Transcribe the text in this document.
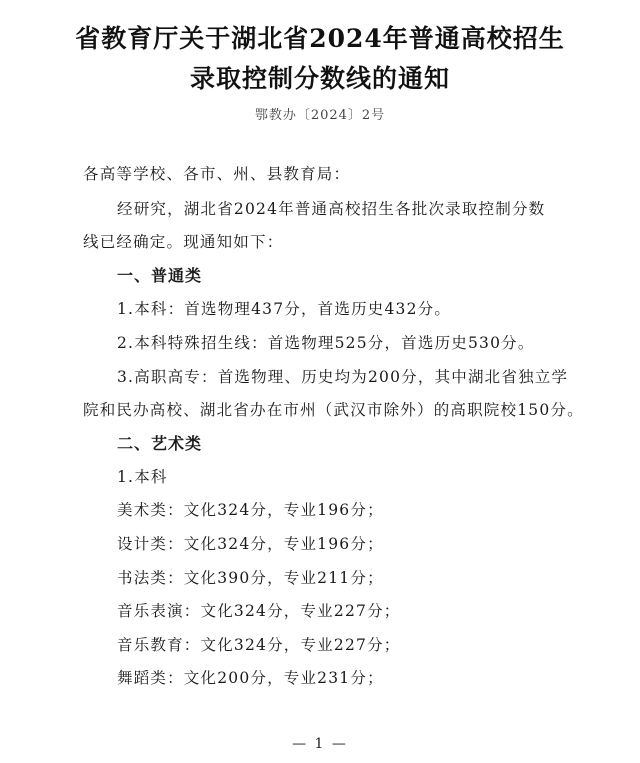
省教育厅关于湖北省2024年普通高校招生
录取控制分数线的通知
鄂教办〔2024〕2号
各高等学校、各市、州、县教育局：
经研究，湖北省2024年普通高校招生各批次录取控制分数
线已经确定。现通知如下：
一、普通类
1.本科：首选物理437分，首选历史432分。
2.本科特殊招生线：首选物理525分，首选历史530分。
3.高职高专：首选物理、历史均为200分，其中湖北省独立学
院和民办高校、湖北省办在市州（武汉市除外）的高职院校150分。
二、艺术类
1.本科
美术类：文化324分，专业196分；
设计类：文化324分，专业196分；
书法类：文化390分，专业211分；
音乐表演：文化324分，专业227分；
音乐教育：文化324分，专业227分；
舞蹈类：文化200分，专业231分；
— 1 —
